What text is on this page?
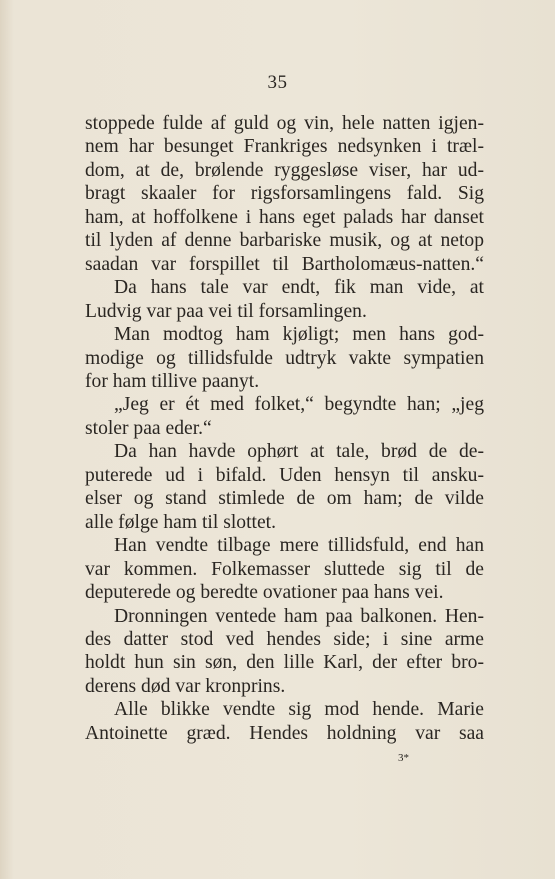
35

stoppede fulde af guld og vin, hele natten igjen-

nem har besunget Frankriges nedsynken i træl-

dom, at de, brølende ryggesløse viser, har ud-

bragt skaaler for rigsforsamlingens fald. Sig

ham, at hoffolkene i hans eget palads har danset

til lyden af denne barbariske musik, og at netop

saadan var forspillet til Bartholomæus-natten.“

Da hans tale var endt, fik man vide, at

Ludvig var paa vei til forsamlingen.

Man modtog ham kjøligt; men hans god-

modige og tillidsfulde udtryk vakte sympatien

for ham tillive paanyt.

„Jeg er ét med folket,“ begyndte han; „jeg

stoler paa eder.“

Da han havde ophørt at tale, brød de de-

puterede ud i bifald. Uden hensyn til ansku-

elser og stand stimlede de om ham; de vilde

alle følge ham til slottet.

Han vendte tilbage mere tillidsfuld, end han

var kommen. Folkemasser sluttede sig til de

deputerede og beredte ovationer paa hans vei.

Dronningen ventede ham paa balkonen. Hen-

des datter stod ved hendes side; i sine arme

holdt hun sin søn, den lille Karl, der efter bro-

derens død var kronprins.

Alle blikke vendte sig mod hende. Marie

Antoinette græd. Hendes holdning var saa

3*
